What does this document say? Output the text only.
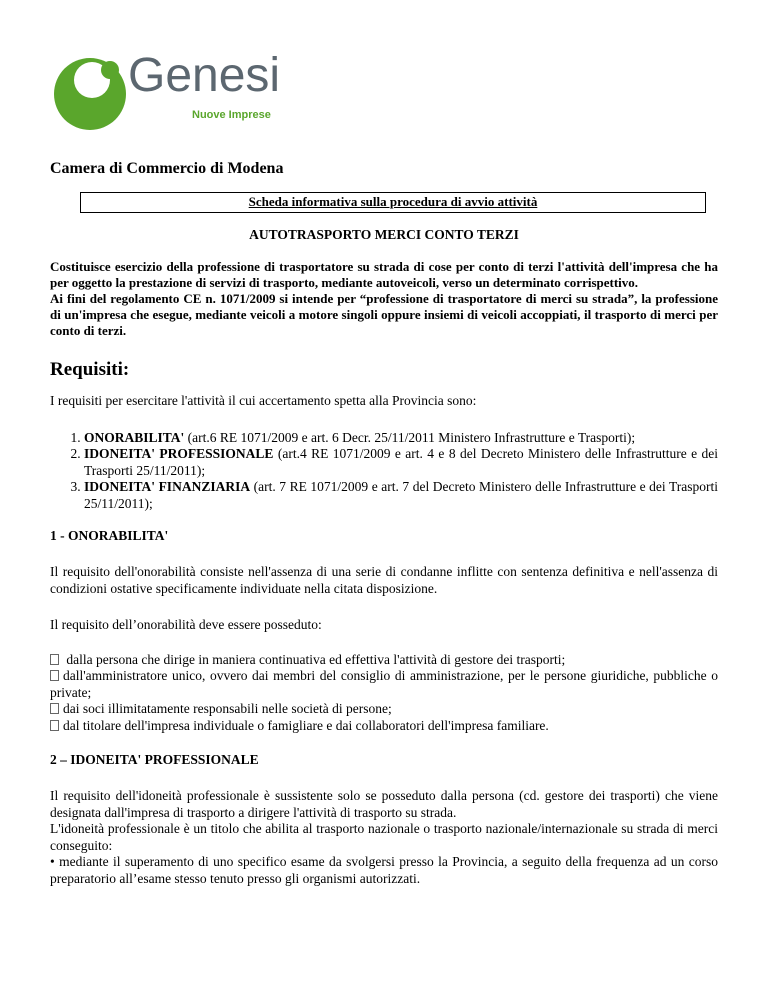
Genesi
Nuove Imprese
Camera di Commercio di Modena
Scheda informativa sulla procedura di avvio attività
AUTOTRASPORTO MERCI CONTO TERZI

Costituisce esercizio della professione di trasportatore su strada di cose per conto di terzi l'attività dell'impresa che ha per oggetto la prestazione di servizi di trasporto, mediante autoveicoli, verso un determinato corrispettivo.

Ai fini del regolamento CE n. 1071/2009 si intende per “professione di trasportatore di merci su strada”, la professione di un'impresa che esegue, mediante veicoli a motore singoli oppure insiemi di veicoli accoppiati, il trasporto di merci per conto di terzi.

Requisiti:

I requisiti per esercitare l'attività il cui accertamento spetta alla Provincia sono:

1. ONORABILITA' (art.6 RE 1071/2009 e art. 6 Decr. 25/11/2011 Ministero Infrastrutture e Trasporti);
2. IDONEITA' PROFESSIONALE (art.4 RE 1071/2009 e art. 4 e 8 del Decreto Ministero delle Infrastrutture e dei Trasporti 25/11/2011);
3. IDONEITA' FINANZIARIA (art. 7 RE 1071/2009 e art. 7 del Decreto Ministero delle Infrastrutture e dei Trasporti 25/11/2011);
1 - ONORABILITA'

Il requisito dell'onorabilità consiste nell'assenza di una serie di condanne inflitte con sentenza definitiva e nell'assenza di condizioni ostative specificamente individuate nella citata disposizione.

Il requisito dell’onorabilità deve essere posseduto:

dalla persona che dirige in maniera continuativa ed effettiva l'attività di gestore dei trasporti;
dall'amministratore unico, ovvero dai membri del consiglio di amministrazione, per le persone giuridiche, pubbliche o private;
dai soci illimitatamente responsabili nelle società di persone;
dal titolare dell'impresa individuale o famigliare e dai collaboratori dell'impresa familiare.
2 – IDONEITA' PROFESSIONALE

Il requisito dell'idoneità professionale è sussistente solo se posseduto dalla persona (cd. gestore dei trasporti) che viene designata dall'impresa di trasporto a dirigere l'attività di trasporto su strada.

L'idoneità professionale è un titolo che abilita al trasporto nazionale o trasporto nazionale/internazionale su strada di merci conseguito:

• mediante il superamento di uno specifico esame da svolgersi presso la Provincia, a seguito della frequenza ad un corso preparatorio all’esame stesso tenuto presso gli organismi autorizzati.
